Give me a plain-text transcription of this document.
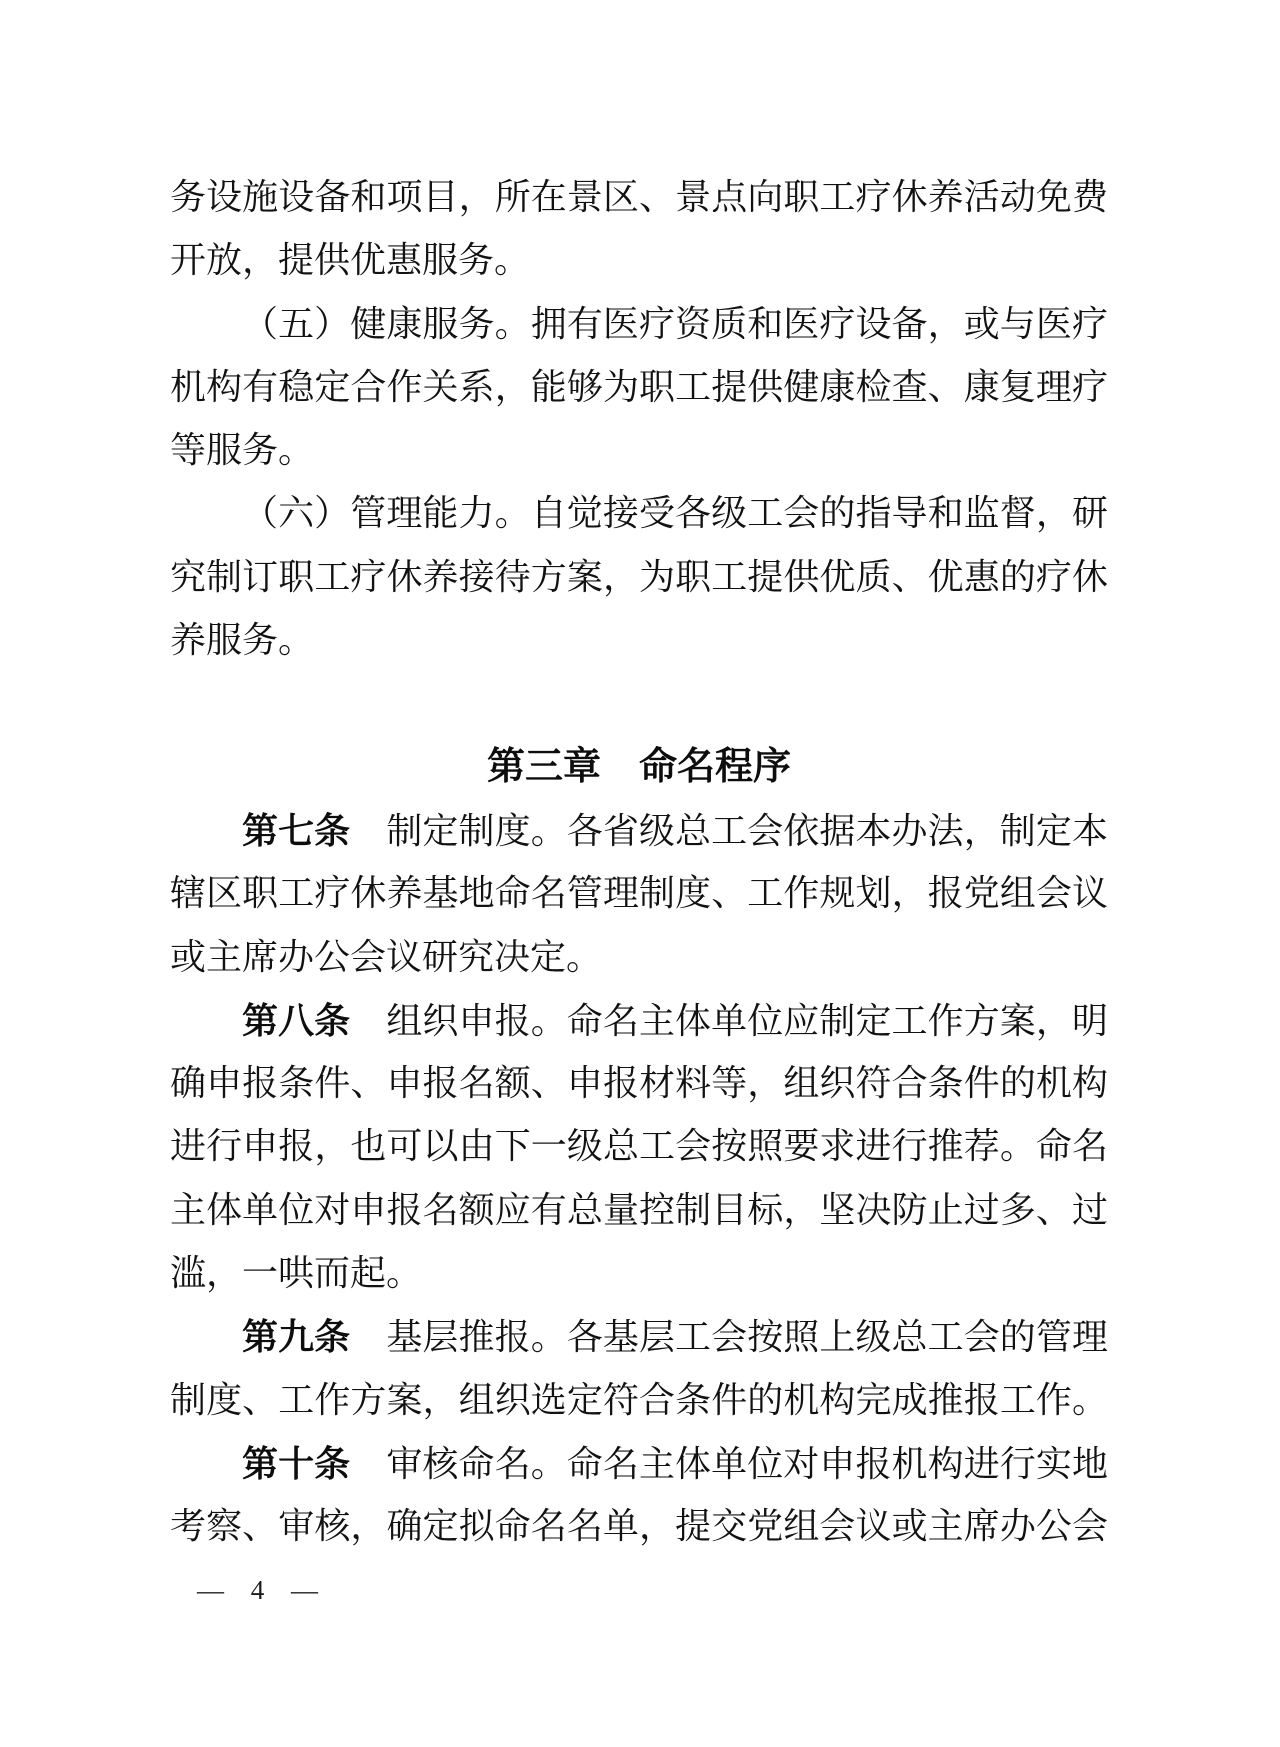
务设施设备和项目，所在景区、景点向职工疗休养活动免费
开放，提供优惠服务。
（五）健康服务。拥有医疗资质和医疗设备，或与医疗
机构有稳定合作关系，能够为职工提供健康检查、康复理疗
等服务。
（六）管理能力。自觉接受各级工会的指导和监督，研
究制订职工疗休养接待方案，为职工提供优质、优惠的疗休
养服务。
第三章　命名程序
第七条　制定制度。各省级总工会依据本办法，制定本
辖区职工疗休养基地命名管理制度、工作规划，报党组会议
或主席办公会议研究决定。
第八条　组织申报。命名主体单位应制定工作方案，明
确申报条件、申报名额、申报材料等，组织符合条件的机构
进行申报，也可以由下一级总工会按照要求进行推荐。命名
主体单位对申报名额应有总量控制目标，坚决防止过多、过
滥，一哄而起。
第九条　基层推报。各基层工会按照上级总工会的管理
制度、工作方案，组织选定符合条件的机构完成推报工作。
第十条　审核命名。命名主体单位对申报机构进行实地
考察、审核，确定拟命名名单，提交党组会议或主席办公会
— 4 —
